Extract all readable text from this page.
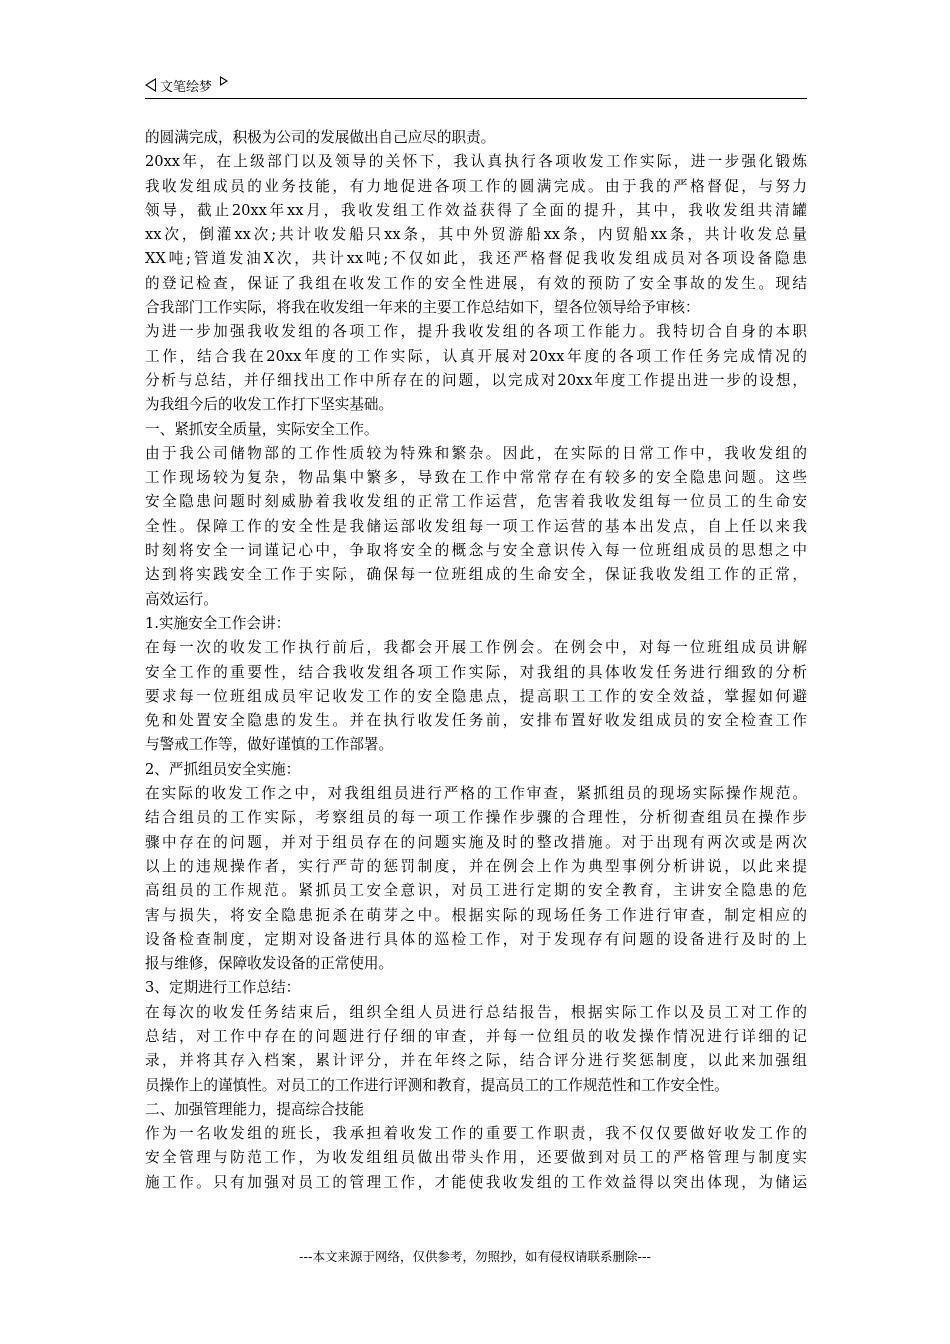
文笔绘梦
的圆满完成，积极为公司的发展做出自己应尽的职责。
20xx年，在上级部门以及领导的关怀下，我认真执行各项收发工作实际，进一步强化锻炼
我收发组成员的业务技能，有力地促进各项工作的圆满完成。由于我的严格督促，与努力
领导，截止20xx年xx月，我收发组工作效益获得了全面的提升，其中，我收发组共清罐
xx次，倒灌xx次;共计收发船只xx条，其中外贸游船xx条，内贸船xx条，共计收发总量
XX吨;管道发油X次，共计xx吨;不仅如此，我还严格督促我收发组成员对各项设备隐患
的登记检查，保证了我组在收发工作的安全性进展，有效的预防了安全事故的发生。现结
合我部门工作实际，将我在收发组一年来的主要工作总结如下，望各位领导给予审核：
为进一步加强我收发组的各项工作，提升我收发组的各项工作能力。我特切合自身的本职
工作，结合我在20xx年度的工作实际，认真开展对20xx年度的各项工作任务完成情况的
分析与总结，并仔细找出工作中所存在的问题，以完成对20xx年度工作提出进一步的设想，
为我组今后的收发工作打下坚实基础。
一、紧抓安全质量，实际安全工作。
由于我公司储物部的工作性质较为特殊和繁杂。因此，在实际的日常工作中，我收发组的
工作现场较为复杂，物品集中繁多，导致在工作中常常存在有较多的安全隐患问题。这些
安全隐患问题时刻威胁着我收发组的正常工作运营，危害着我收发组每一位员工的生命安
全性。保障工作的安全性是我储运部收发组每一项工作运营的基本出发点，自上任以来我
时刻将安全一词谨记心中，争取将安全的概念与安全意识传入每一位班组成员的思想之中
达到将实践安全工作于实际，确保每一位班组成的生命安全，保证我收发组工作的正常，
高效运行。
1.实施安全工作会讲：
在每一次的收发工作执行前后，我都会开展工作例会。在例会中，对每一位班组成员讲解
安全工作的重要性，结合我收发组各项工作实际，对我组的具体收发任务进行细致的分析
要求每一位班组成员牢记收发工作的安全隐患点，提高职工工作的安全效益，掌握如何避
免和处置安全隐患的发生。并在执行收发任务前，安排布置好收发组成员的安全检查工作
与警戒工作等，做好谨慎的工作部署。
2、严抓组员安全实施：
在实际的收发工作之中，对我组组员进行严格的工作审查，紧抓组员的现场实际操作规范。
结合组员的工作实际，考察组员的每一项工作操作步骤的合理性，分析彻查组员在操作步
骤中存在的问题，并对于组员存在的问题实施及时的整改措施。对于出现有两次或是两次
以上的违规操作者，实行严苛的惩罚制度，并在例会上作为典型事例分析讲说，以此来提
高组员的工作规范。紧抓员工安全意识，对员工进行定期的安全教育，主讲安全隐患的危
害与损失，将安全隐患扼杀在萌芽之中。根据实际的现场任务工作进行审查，制定相应的
设备检查制度，定期对设备进行具体的巡检工作，对于发现存有问题的设备进行及时的上
报与维修，保障收发设备的正常使用。
3、定期进行工作总结：
在每次的收发任务结束后，组织全组人员进行总结报告，根据实际工作以及员工对工作的
总结，对工作中存在的问题进行仔细的审查，并每一位组员的收发操作情况进行详细的记
录，并将其存入档案，累计评分，并在年终之际，结合评分进行奖惩制度，以此来加强组
员操作上的谨慎性。对员工的工作进行评测和教育，提高员工的工作规范性和工作安全性。
二、加强管理能力，提高综合技能
作为一名收发组的班长，我承担着收发工作的重要工作职责，我不仅仅要做好收发工作的
安全管理与防范工作，为收发组组员做出带头作用，还要做到对员工的严格管理与制度实
施工作。只有加强对员工的管理工作，才能使我收发组的工作效益得以突出体现，为储运
---本文来源于网络，仅供参考，勿照抄，如有侵权请联系删除---
